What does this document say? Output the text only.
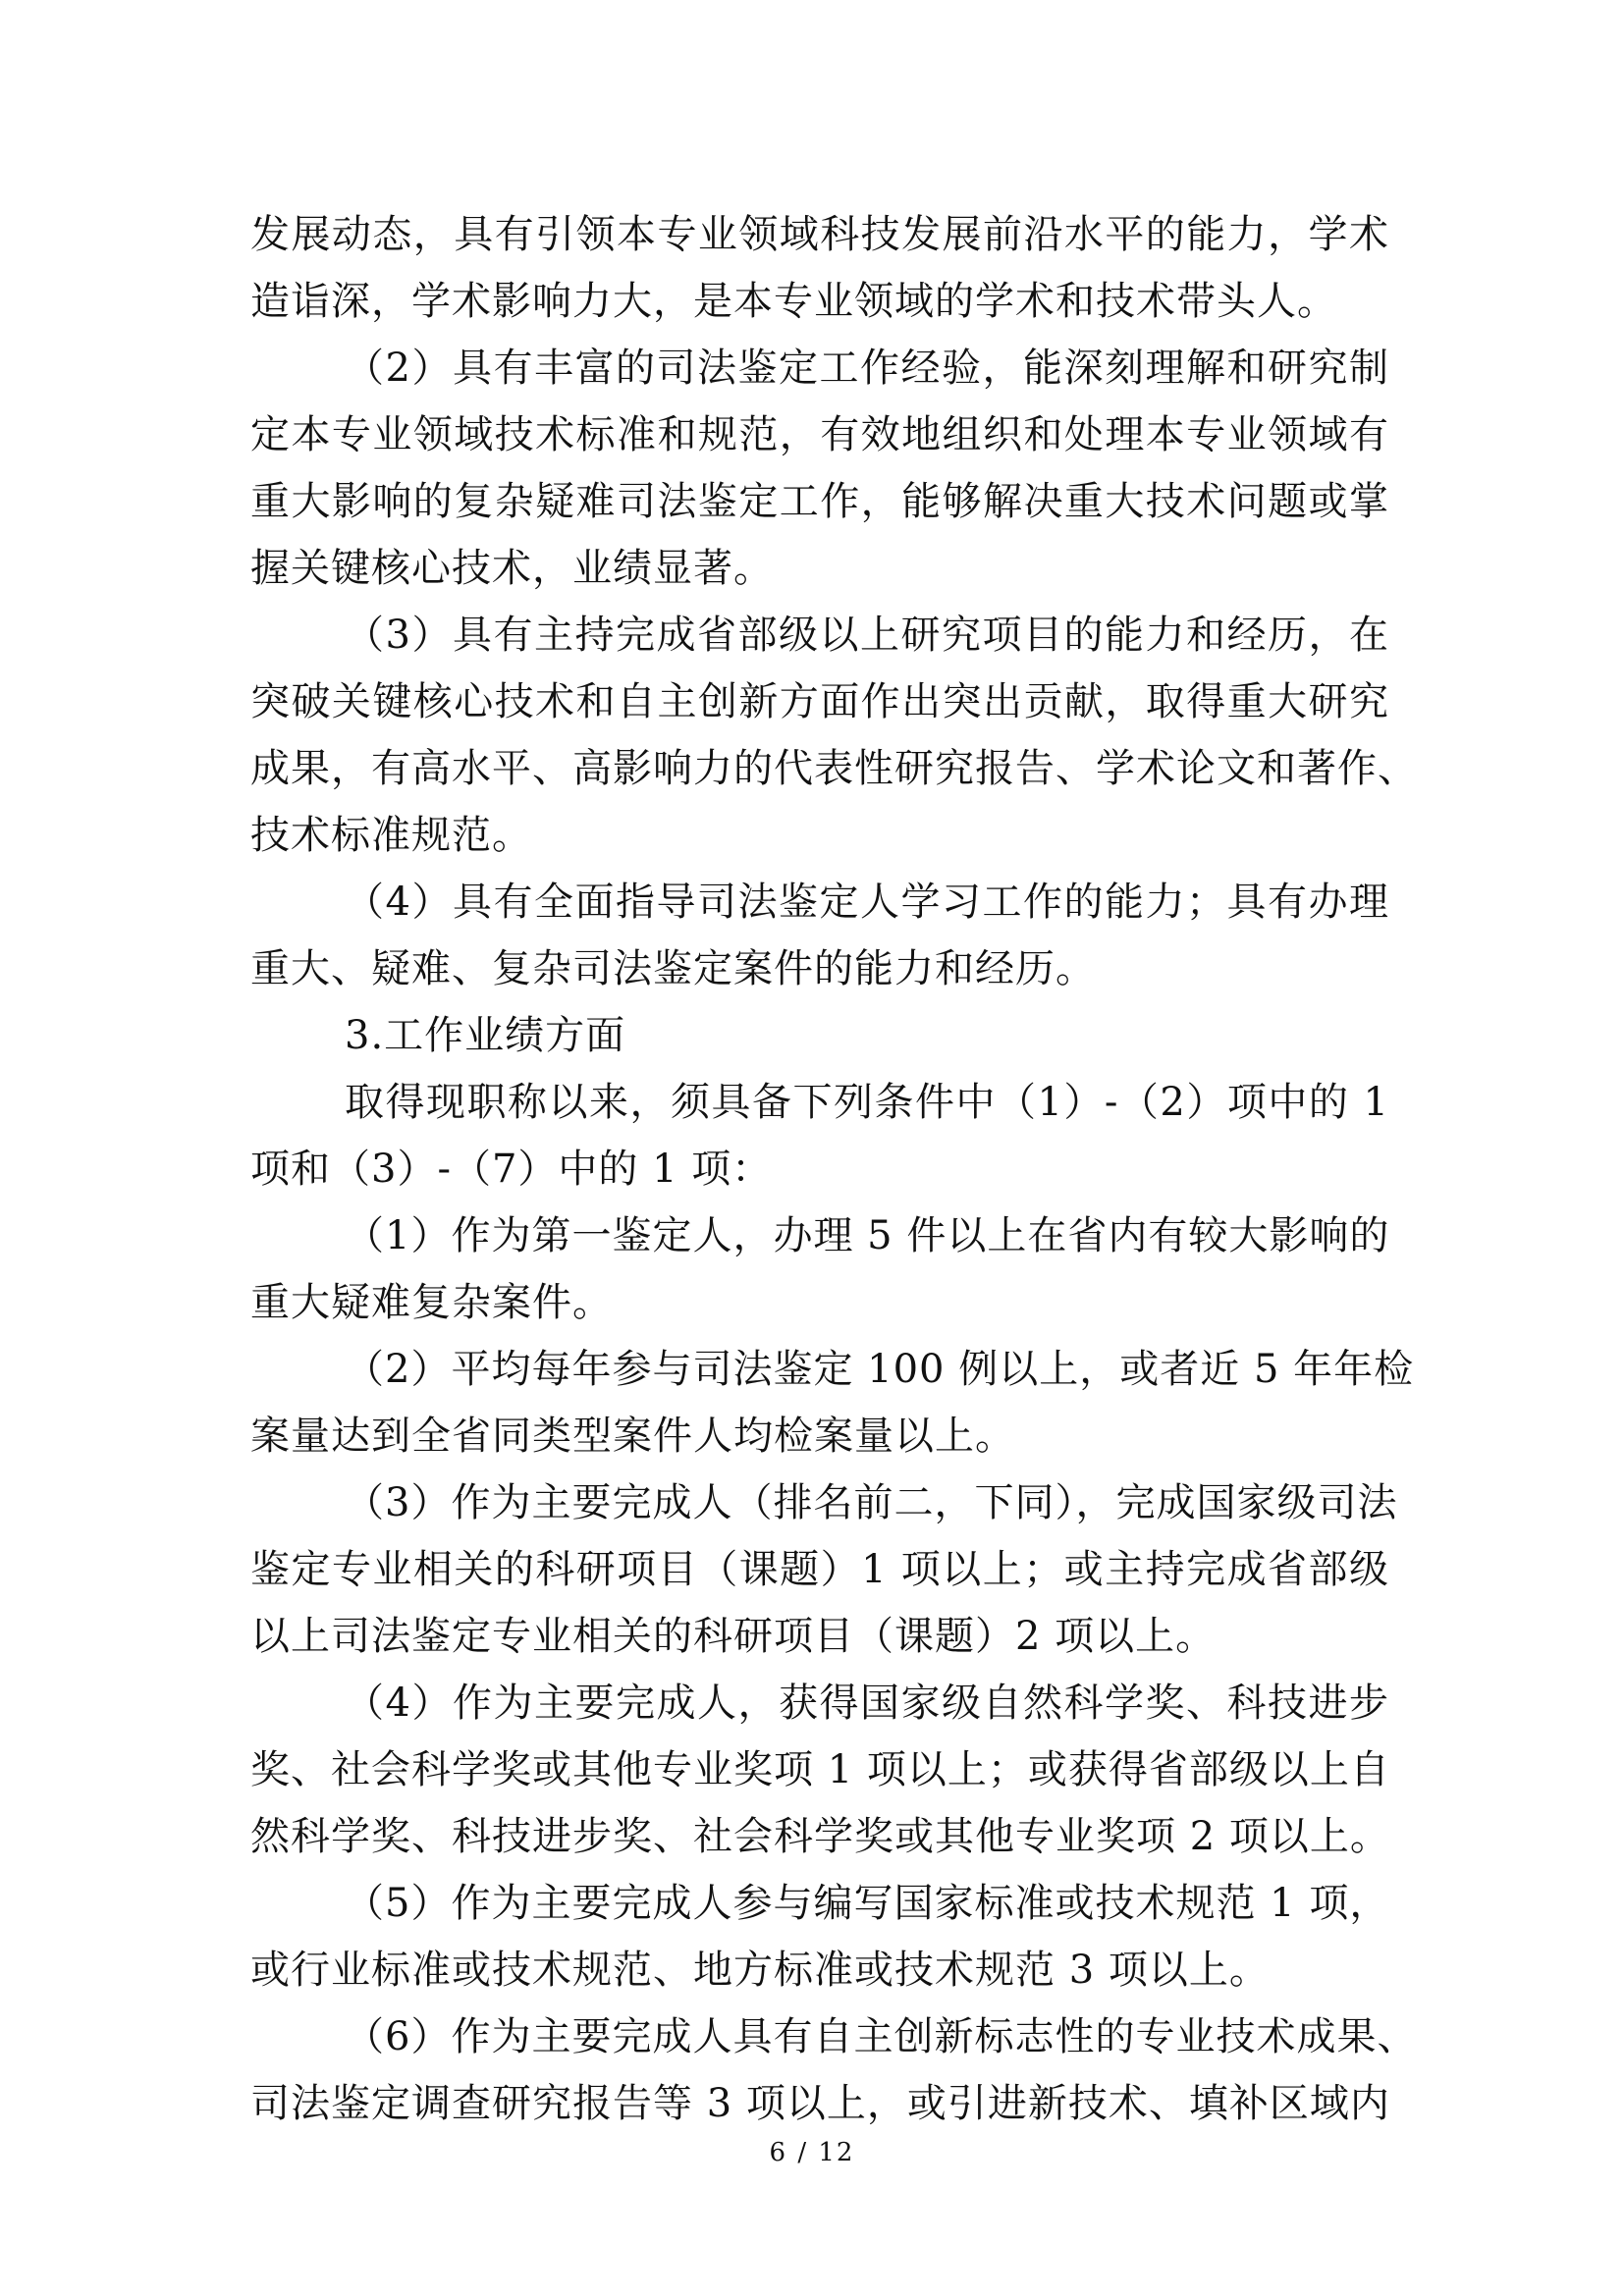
发展动态，具有引领本专业领域科技发展前沿水平的能力，学术
造诣深，学术影响力大，是本专业领域的学术和技术带头人。
（2）具有丰富的司法鉴定工作经验，能深刻理解和研究制
定本专业领域技术标准和规范，有效地组织和处理本专业领域有
重大影响的复杂疑难司法鉴定工作，能够解决重大技术问题或掌
握关键核心技术，业绩显著。
（3）具有主持完成省部级以上研究项目的能力和经历，在
突破关键核心技术和自主创新方面作出突出贡献，取得重大研究
成果，有高水平、高影响力的代表性研究报告、学术论文和著作、
技术标准规范。
（4）具有全面指导司法鉴定人学习工作的能力；具有办理
重大、疑难、复杂司法鉴定案件的能力和经历。
3.工作业绩方面
取得现职称以来，须具备下列条件中（1）-（2）项中的 1
项和（3）-（7）中的 1 项：
（1）作为第一鉴定人，办理 5 件以上在省内有较大影响的
重大疑难复杂案件。
（2）平均每年参与司法鉴定 100 例以上，或者近 5 年年检
案量达到全省同类型案件人均检案量以上。
（3）作为主要完成人（排名前二，下同），完成国家级司法
鉴定专业相关的科研项目（课题）1 项以上；或主持完成省部级
以上司法鉴定专业相关的科研项目（课题）2 项以上。
（4）作为主要完成人，获得国家级自然科学奖、科技进步
奖、社会科学奖或其他专业奖项 1 项以上；或获得省部级以上自
然科学奖、科技进步奖、社会科学奖或其他专业奖项 2 项以上。
（5）作为主要完成人参与编写国家标准或技术规范 1 项，
或行业标准或技术规范、地方标准或技术规范 3 项以上。
（6）作为主要完成人具有自主创新标志性的专业技术成果、
司法鉴定调查研究报告等 3 项以上，或引进新技术、填补区域内
6 / 12
